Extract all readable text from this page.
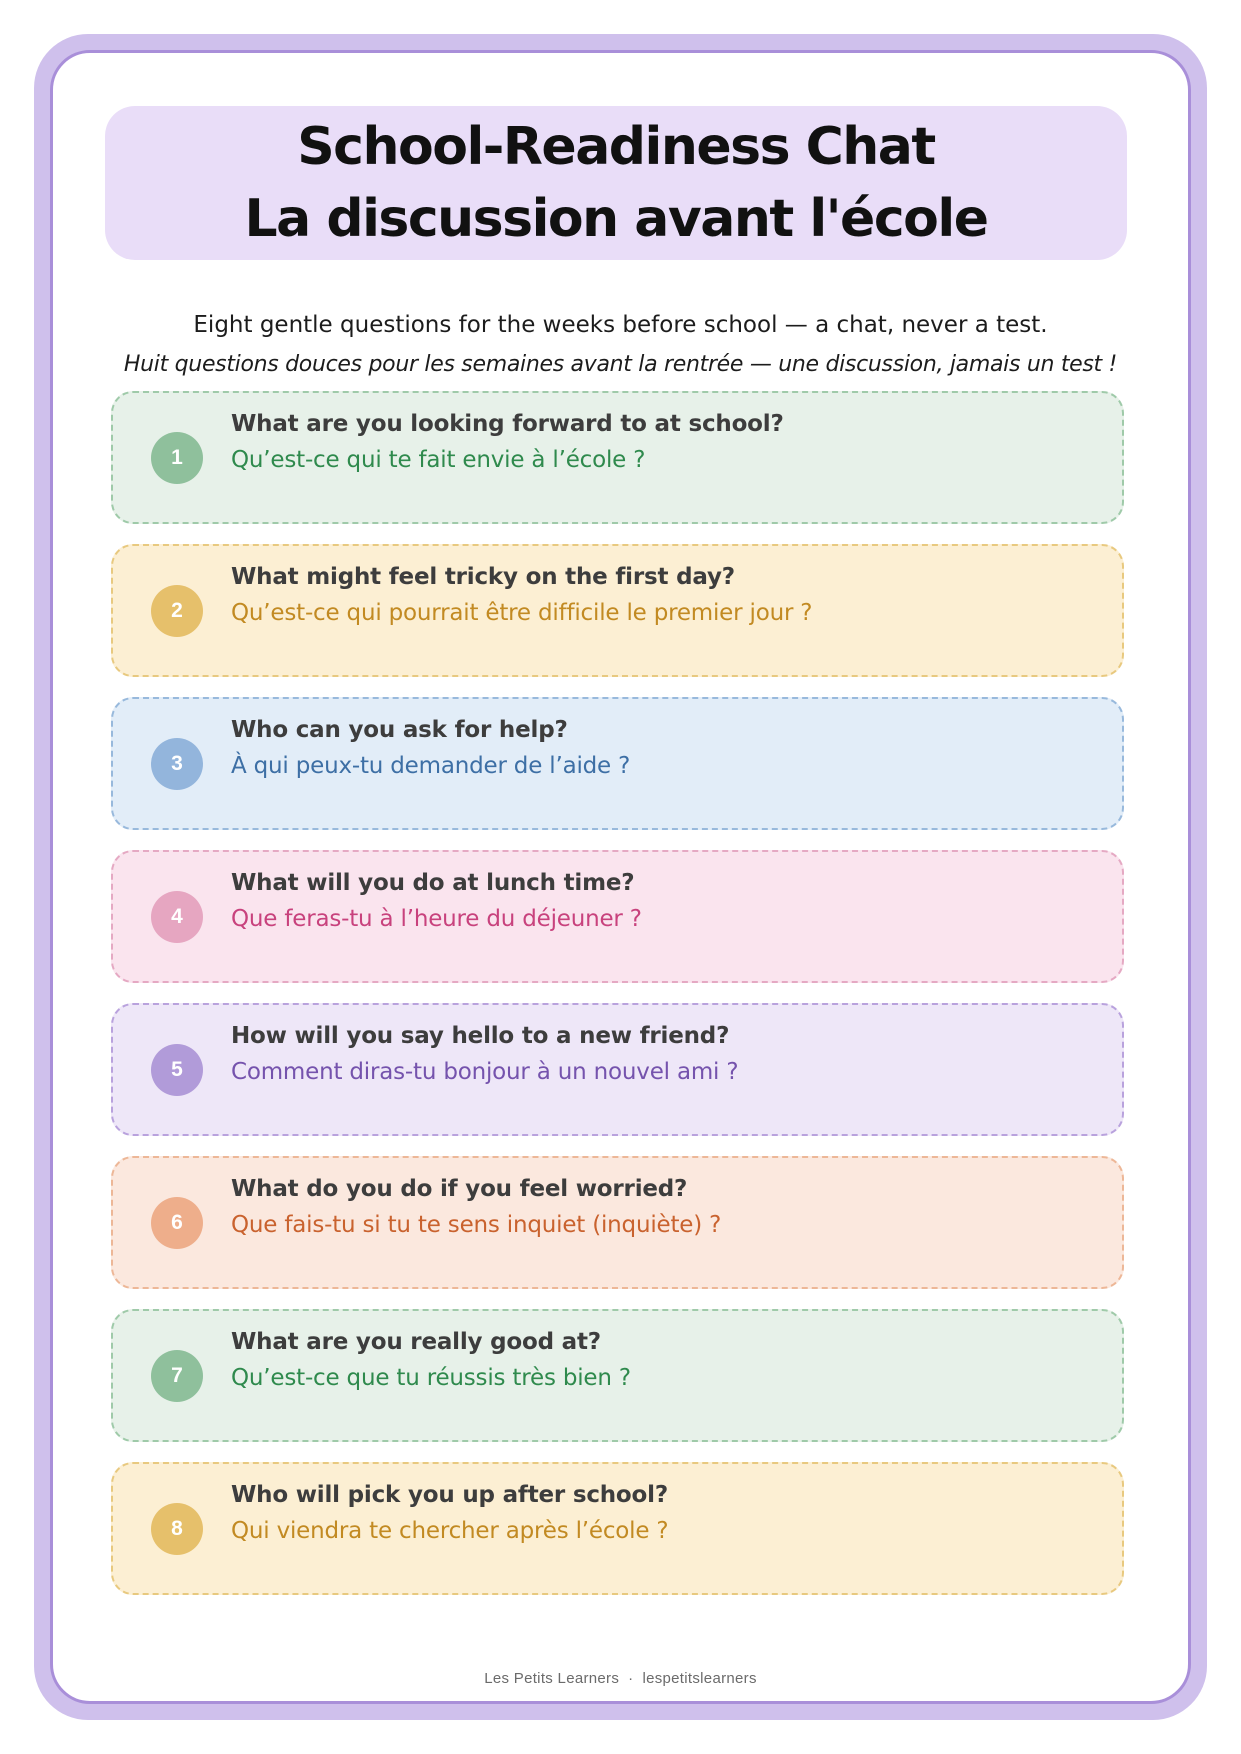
School-Readiness Chat
La discussion avant l'école
Eight gentle questions for the weeks before school — a chat, never a test.
Huit questions douces pour les semaines avant la rentrée — une discussion, jamais un test !
1
What are you looking forward to at school?
Qu’est-ce qui te fait envie à l’école ?
2
What might feel tricky on the first day?
Qu’est-ce qui pourrait être difficile le premier jour ?
3
Who can you ask for help?
À qui peux-tu demander de l’aide ?
4
What will you do at lunch time?
Que feras-tu à l’heure du déjeuner ?
5
How will you say hello to a new friend?
Comment diras-tu bonjour à un nouvel ami ?
6
What do you do if you feel worried?
Que fais-tu si tu te sens inquiet (inquiète) ?
7
What are you really good at?
Qu’est-ce que tu réussis très bien ?
8
Who will pick you up after school?
Qui viendra te chercher après l’école ?
Les Petits Learners · lespetitslearners
